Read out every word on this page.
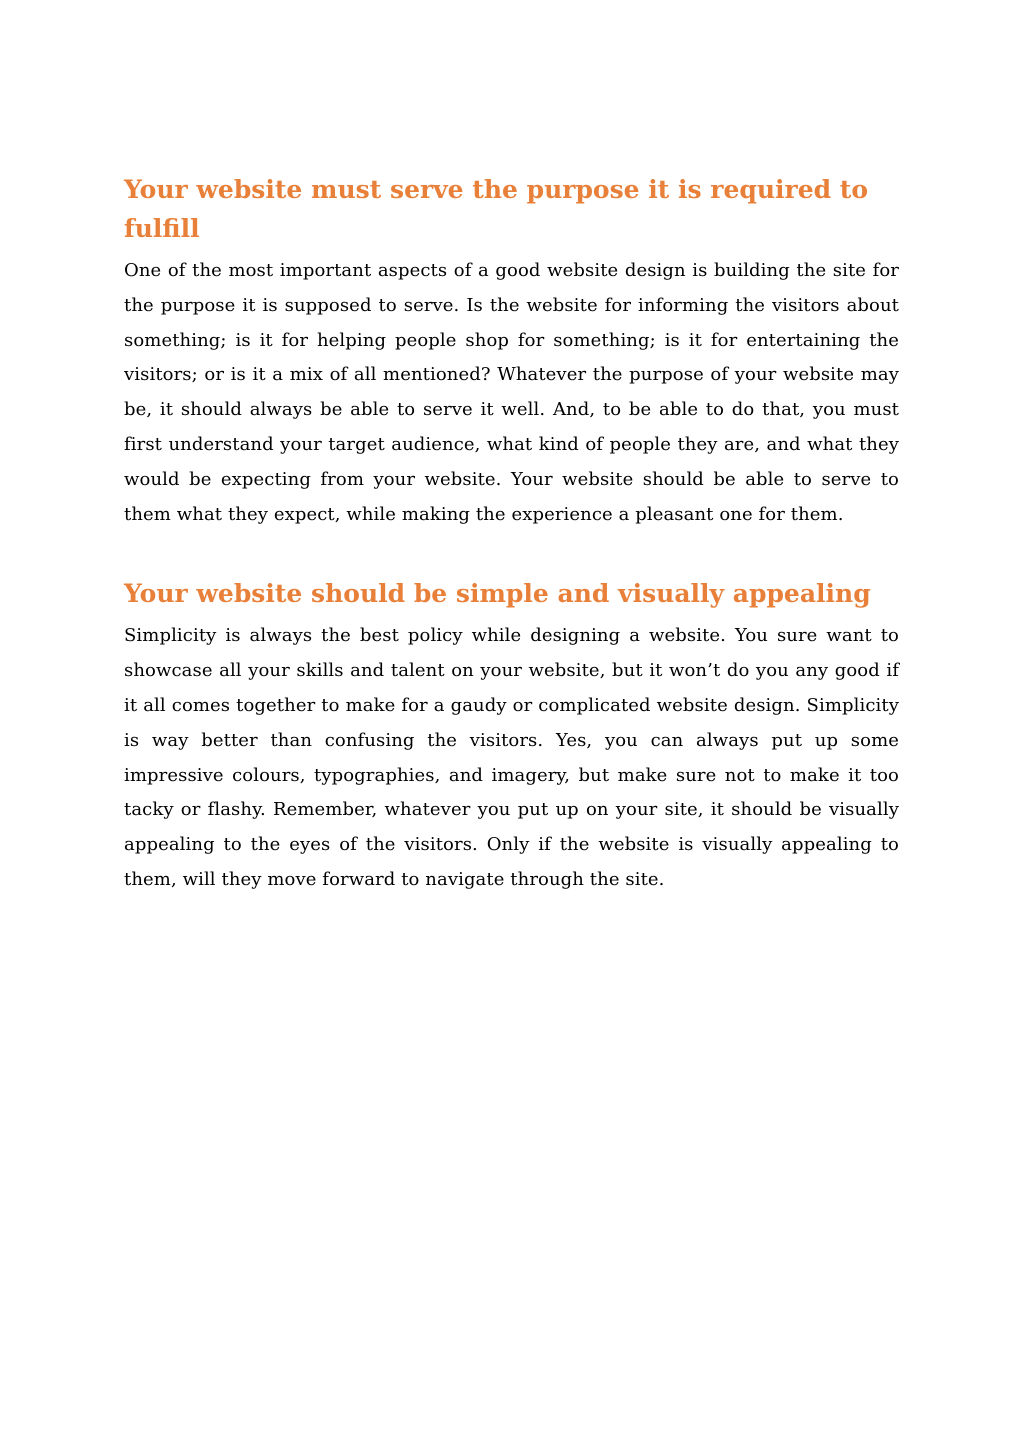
Your website must serve the purpose it is required to fulfill

One of the most important aspects of a good website design is building the site for the purpose it is supposed to serve. Is the website for informing the visitors about something; is it for helping people shop for something; is it for entertaining the visitors; or is it a mix of all mentioned? Whatever the purpose of your website may be, it should always be able to serve it well. And, to be able to do that, you must first understand your target audience, what kind of people they are, and what they would be expecting from your website. Your website should be able to serve to them what they expect, while making the experience a pleasant one for them.

Your website should be simple and visually appealing

Simplicity is always the best policy while designing a website. You sure want to showcase all your skills and talent on your website, but it won’t do you any good if it all comes together to make for a gaudy or complicated website design. Simplicity is way better than confusing the visitors. Yes, you can always put up some impressive colours, typographies, and imagery, but make sure not to make it too tacky or flashy. Remember, whatever you put up on your site, it should be visually appealing to the eyes of the visitors. Only if the website is visually appealing to them, will they move forward to navigate through the site.
